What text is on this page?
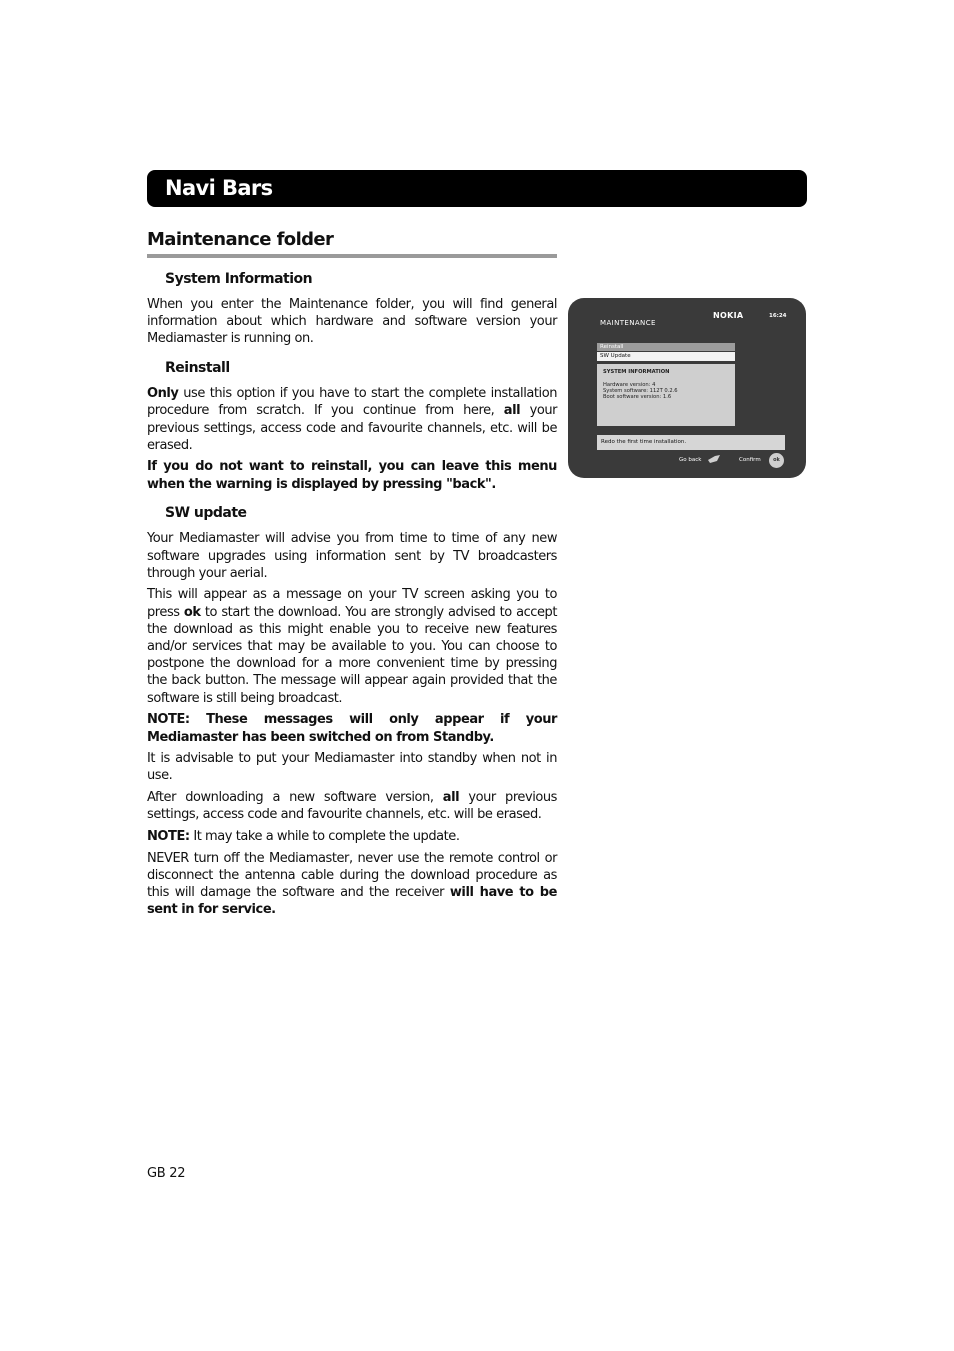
Navi Bars
Maintenance folder
System Information

When you enter the Maintenance folder, you will find general information about which hardware and software version your Mediamaster is running on.

Reinstall

Only use this option if you have to start the complete installation procedure from scratch. If you continue from here, all your previous settings, access code and favourite channels, etc. will be erased.

If you do not want to reinstall, you can leave this menu when the warning is displayed by pressing "back".

SW update

Your Mediamaster will advise you from time to time of any new software upgrades using information sent by TV broadcasters through your aerial.

This will appear as a message on your TV screen asking you to press ok to start the download. You are strongly advised to accept the download as this might enable you to receive new features and/or services that may be available to you. You can choose to postpone the download for a more convenient time by pressing the back button. The message will appear again provided that the software is still being broadcast.

NOTE: These messages will only appear if your Mediamaster has been switched on from Standby.

It is advisable to put your Mediamaster into standby when not in use.

After downloading a new software version, all your previous settings, access code and favourite channels, etc. will be erased.

NOTE: It may take a while to complete the update.

NEVER turn off the Mediamaster, never use the remote control or disconnect the antenna cable during the download procedure as this will damage the software and the receiver will have to be sent in for service.

MAINTENANCE
NOKIA	16:24
Reinstall
SW Update
SYSTEM INFORMATION
Hardware version: 4
System software: 112T 0.2.6
Boot software version: 1.6
Redo the first time installation.
Go back	Confirm	ok
GB 22
